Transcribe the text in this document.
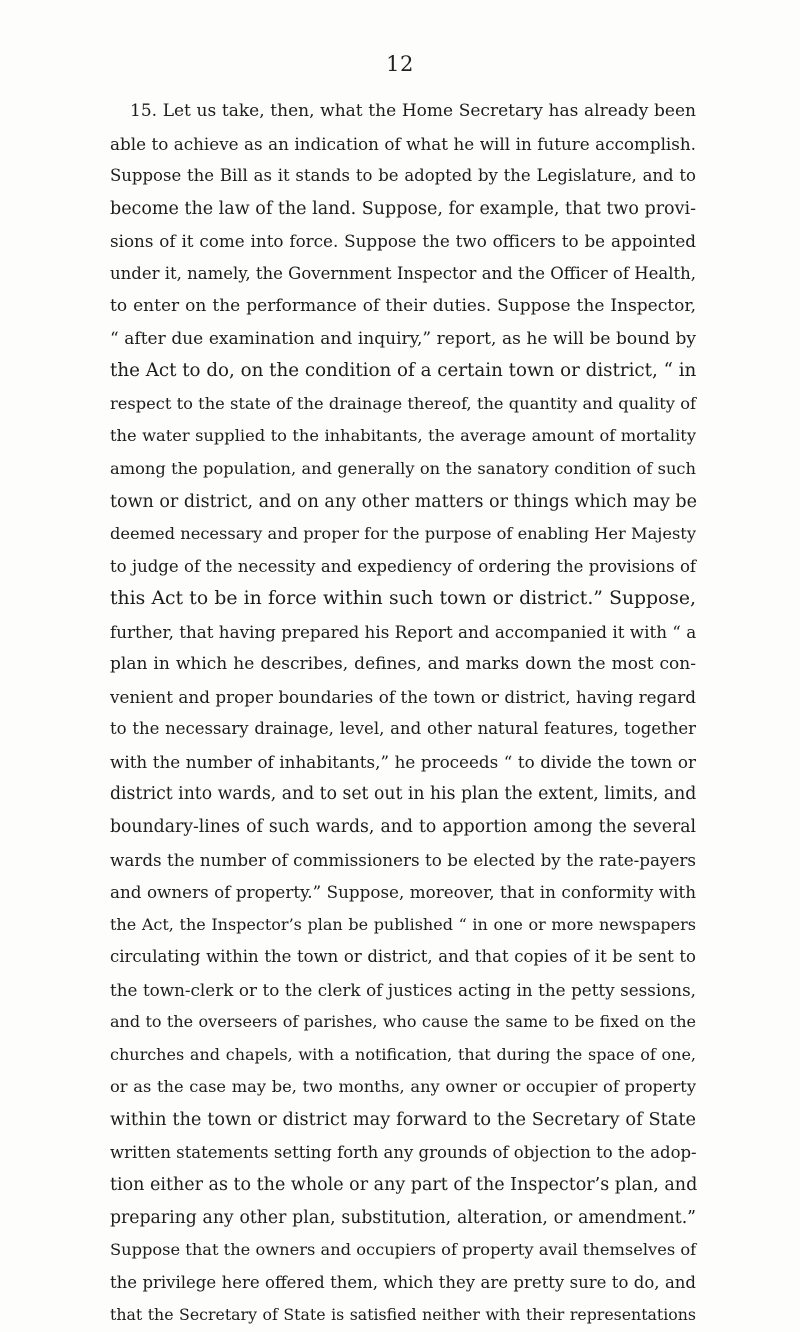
12
15. Let us take, then, what the Home Secretary has already been
able to achieve as an indication of what he will in future accomplish.
Suppose the Bill as it stands to be adopted by the Legislature, and to
become the law of the land. Suppose, for example, that two provi-
sions of it come into force. Suppose the two officers to be appointed
under it, namely, the Government Inspector and the Officer of Health,
to enter on the performance of their duties. Suppose the Inspector,
“ after due examination and inquiry,” report, as he will be bound by
the Act to do, on the condition of a certain town or district, “ in
respect to the state of the drainage thereof, the quantity and quality of
the water supplied to the inhabitants, the average amount of mortality
among the population, and generally on the sanatory condition of such
town or district, and on any other matters or things which may be
deemed necessary and proper for the purpose of enabling Her Majesty
to judge of the necessity and expediency of ordering the provisions of
this Act to be in force within such town or district.” Suppose,
further, that having prepared his Report and accompanied it with “ a
plan in which he describes, defines, and marks down the most con-
venient and proper boundaries of the town or district, having regard
to the necessary drainage, level, and other natural features, together
with the number of inhabitants,” he proceeds “ to divide the town or
district into wards, and to set out in his plan the extent, limits, and
boundary-lines of such wards, and to apportion among the several
wards the number of commissioners to be elected by the rate-payers
and owners of property.” Suppose, moreover, that in conformity with
the Act, the Inspector’s plan be published “ in one or more newspapers
circulating within the town or district, and that copies of it be sent to
the town-clerk or to the clerk of justices acting in the petty sessions,
and to the overseers of parishes, who cause the same to be fixed on the
churches and chapels, with a notification, that during the space of one,
or as the case may be, two months, any owner or occupier of property
within the town or district may forward to the Secretary of State
written statements setting forth any grounds of objection to the adop-
tion either as to the whole or any part of the Inspector’s plan, and
preparing any other plan, substitution, alteration, or amendment.”
Suppose that the owners and occupiers of property avail themselves of
the privilege here offered them, which they are pretty sure to do, and
that the Secretary of State is satisfied neither with their representations
